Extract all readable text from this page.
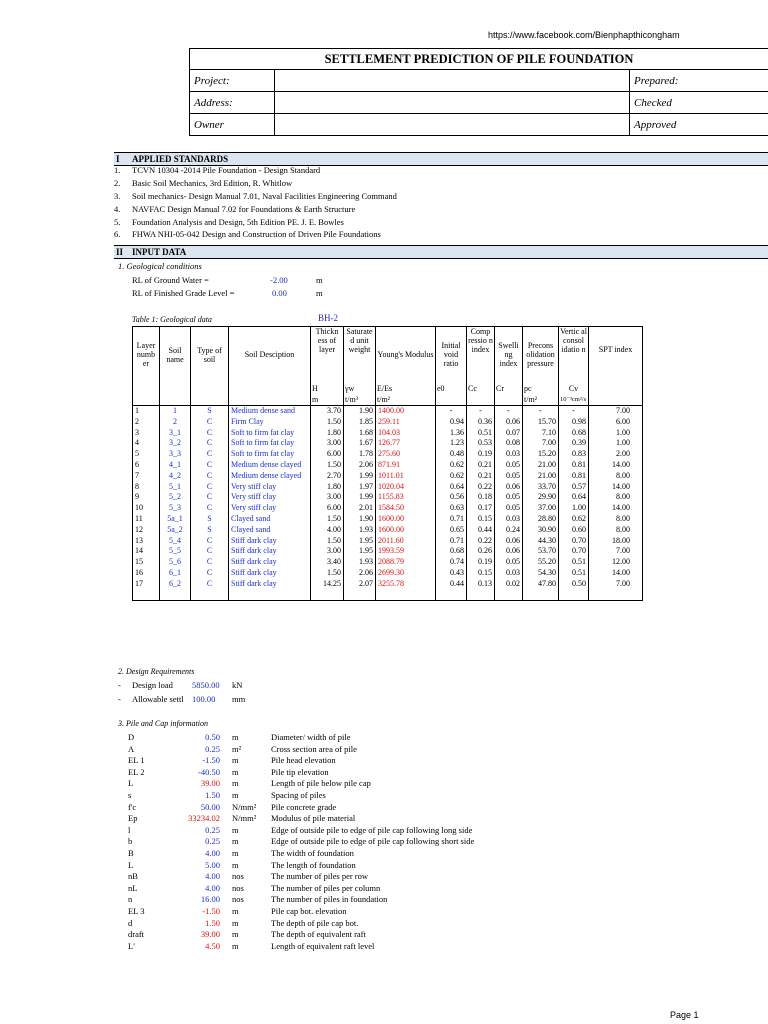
https://www.facebook.com/Bienphapthicongham
SETTLEMENT PREDICTION OF PILE FOUNDATION		
Project:		Prepared:
Address:		Checked
Owner		Approved
I APPLIED STANDARDS
1. TCVN 10304 -2014 Pile Foundation - Design Standard
2. Basic Soil Mechanics, 3rd Edition, R. Whitlow
3. Soil mechanics- Design Manual 7.01, Naval Facilities Engineering Command
4. NAVFAC Design Manual 7.02 for Foundations & Earth Structure
5. Foundation Analysis and Design, 5th Edition PE. J. E. Bowles
6. FHWA NHI-05-042 Design and Construction of Driven Pile Foundations
II INPUT DATA
1. Geological conditions
RL of Ground Water =	-2.00	m
RL of Finished Grade Level =	0.00	m
Table 1: Geological data	BH-2
Layer numb er	Soil name	Type of soil	Soil Desciption	Thickn ess of layer	Saturate d unit weight	Young's Modulus	Initial void ratio	Comp ressio n index	Swelli ng index	Precons olidation pressure	Vertic al consol idatio n	SPT index
				H	γw	E/Es	e0	Cc	Cr	pc	Cv	
				m	t/m³	t/m²				t/m²	10⁻³cm²/s	
1	1	S	Medium dense sand	3.70	1.90	1400.00	-	-	-	-	-	7.00
2	2	C	Firm Clay	1.50	1.85	259.11	0.94	0.36	0.06	15.70	0.98	6.00
3	3_1	C	Soft to firm fat clay	1.80	1.68	104.03	1.36	0.51	0.07	7.10	0.68	1.00
4	3_2	C	Soft to firm fat clay	3.00	1.67	126.77	1.23	0.53	0.08	7.00	0.39	1.00
5	3_3	C	Soft to firm fat clay	6.00	1.78	275.60	0.48	0.19	0.03	15.20	0.83	2.00
6	4_1	C	Medium dense clayed	1.50	2.06	871.91	0.62	0.21	0.05	21.00	0.81	14.00
7	4_2	C	Medium dense clayed	2.70	1.99	1011.01	0.62	0.21	0.05	21.00	0.81	8.00
8	5_1	C	Very stiff clay	1.80	1.97	1020.04	0.64	0.22	0.06	33.70	0.57	14.00
9	5_2	C	Very stiff clay	3.00	1.99	1155.83	0.56	0.18	0.05	29.90	0.64	8.00
10	5_3	C	Very stiff clay	6.00	2.01	1584.50	0.63	0.17	0.05	37.00	1.00	14.00
11	5a_1	S	Clayed sand	1.50	1.90	1600.00	0.71	0.15	0.03	28.80	0.62	8.00
12	5a_2	S	Clayed sand	4.00	1.93	1600.00	0.65	0.44	0.24	30.90	0.60	8.00
13	5_4	C	Stiff dark clay	1.50	1.95	2011.60	0.71	0.22	0.06	44.30	0.70	18.00
14	5_5	C	Stiff dark clay	3.00	1.95	1993.59	0.68	0.26	0.06	53.70	0.70	7.00
15	5_6	C	Stiff dark clay	3.40	1.93	2088.79	0.74	0.19	0.05	55.20	0.51	12.00
16	6_1	C	Stiff dark clay	1.50	2.06	2699.30	0.43	0.15	0.03	54.30	0.51	14.00
17	6_2	C	Stiff dark clay	14.25	2.07	3255.78	0.44	0.13	0.02	47.80	0.50	7.00
2. Design Requirements
- Design load 5850.00 kN
- Allowable settl 100.00 mm
3. Pile and Cap information
D	0.50 m	Diameter/ width of pile
A	0.25 m²	Cross section area of pile
EL 1	-1.50 m	Pile head elevation
EL 2	-40.50 m	Pile tip elevation
L	39.00 m	Length of pile below pile cap
s	1.50 m	Spacing of piles
f'c	50.00 N/mm² Pile concrete grade
Ep	33234.02 N/mm² Modulus of pile material
l	0.25 m	Edge of outside pile to edge of pile cap following long side
b	0.25 m	Edge of outside pile to edge of pile cap following short side
B	4.00 m	The width of foundation
L	5.00 m	The length of foundation
nB	4.00 nos	The number of piles per row
nL	4.00 nos	The number of piles per column
n	16.00 nos	The number of piles in foundation
EL 3	-1.50 m	Pile cap bot. elevation
d	1.50 m	The depth of pile cap bot.
draft	39.00 m	The depth of equivalent raft
L'	4.50 m	Length of equivalent raft level
Page 1
